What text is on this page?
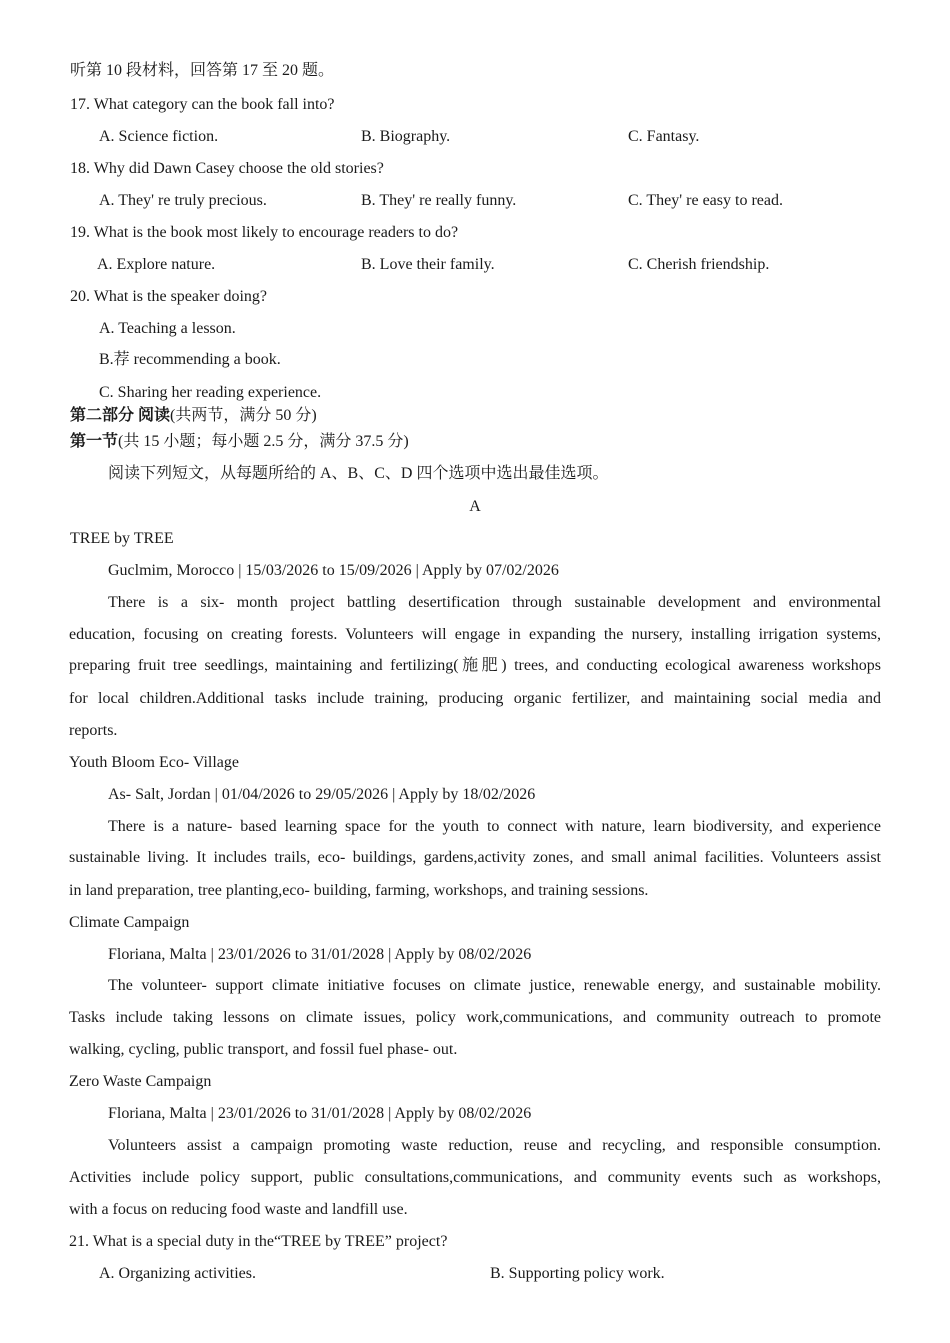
听第 10 段材料，回答第 17 至 20 题。
17. What category can the book fall into?
A. Science fiction.	B. Biography.	C. Fantasy.
18. Why did Dawn Casey choose the old stories?
A. They' re truly precious.	B. They' re really funny.	C. They' re easy to read.
19. What is the book most likely to encourage readers to do?
A. Explore nature.	B. Love their family.	C. Cherish friendship.
20. What is the speaker doing?
A. Teaching a lesson.
B.荐 recommending a book.
C. Sharing her reading experience.
第二部分 阅读(共两节，满分 50 分)
第一节(共 15 小题；每小题 2.5 分，满分 37.5 分)
阅读下列短文，从每题所给的 A、B、C、D 四个选项中选出最佳选项。
A
TREE by TREE
Guclmim, Morocco | 15/03/2026 to 15/09/2026 | Apply by 07/02/2026
There is a six- month project battling desertification through sustainable development and environmental
education, focusing on creating forests. Volunteers will engage in expanding the nursery, installing irrigation systems,
preparing fruit tree seedlings, maintaining and fertilizing(施肥) trees, and conducting ecological awareness workshops
for local children.Additional tasks include training, producing organic fertilizer, and maintaining social media and
reports.
Youth Bloom Eco- Village
As- Salt, Jordan | 01/04/2026 to 29/05/2026 | Apply by 18/02/2026
There is a nature- based learning space for the youth to connect with nature, learn biodiversity, and experience
sustainable living. It includes trails, eco- buildings, gardens,activity zones, and small animal facilities. Volunteers assist
in land preparation, tree planting,eco- building, farming, workshops, and training sessions.
Climate Campaign
Floriana, Malta | 23/01/2026 to 31/01/2028 | Apply by 08/02/2026
The volunteer- support climate initiative focuses on climate justice, renewable energy, and sustainable mobility.
Tasks include taking lessons on climate issues, policy work,communications, and community outreach to promote
walking, cycling, public transport, and fossil fuel phase- out.
Zero Waste Campaign
Floriana, Malta | 23/01/2026 to 31/01/2028 | Apply by 08/02/2026
Volunteers assist a campaign promoting waste reduction, reuse and recycling, and responsible consumption.
Activities include policy support, public consultations,communications, and community events such as workshops,
with a focus on reducing food waste and landfill use.
21. What is a special duty in the“TREE by TREE” project?
A. Organizing activities.	B. Supporting policy work.
